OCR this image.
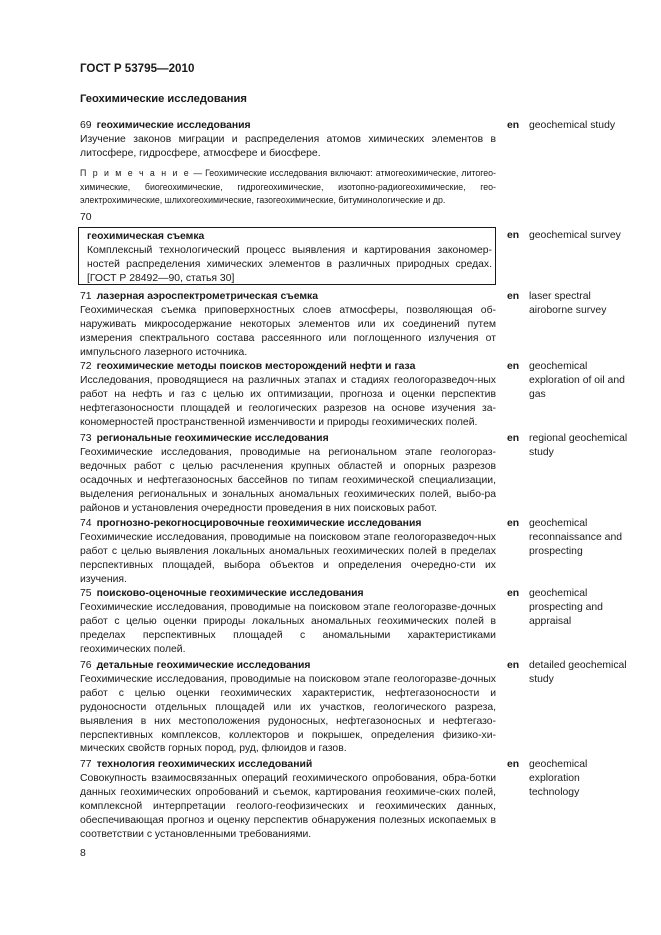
ГОСТ Р 53795—2010
Геохимические исследования
69 геохимические исследования
Изучение законов миграции и распределения атомов химических элементов в литосфере, гидросфере, атмосфере и биосфере.
П р и м е ч а н и е — Геохимические исследования включают: атмогеохимические, литогео-химические, биогеохимические, гидрогеохимические, изотопно-радиогеохимические, гео-электрохимические, шлихогеохимические, газогеохимические, битуминологические и др.
en geochemical study
70
геохимическая съемка
Комплексный технологический процесс выявления и картирования закономер-ностей распределения химических элементов в различных природных средах. [ГОСТ Р 28492—90, статья 30]
en geochemical survey
71 лазерная аэроспектрометрическая съемка
Геохимическая съемка приповерхностных слоев атмосферы, позволяющая об-наруживать микросодержание некоторых элементов или их соединений путем измерения спектрального состава рассеянного или поглощенного излучения от импульсного лазерного источника.
en laser spectral airoborne survey
72 геохимические методы поисков месторождений нефти и газа
Исследования, проводящиеся на различных этапах и стадиях геологоразведоч-ных работ на нефть и газ с целью их оптимизации, прогноза и оценки перспектив нефтегазоносности площадей и геологических разрезов на основе изучения за-кономерностей пространственной изменчивости и природы геохимических полей.
en geochemical exploration of oil and gas
73 региональные геохимические исследования
Геохимические исследования, проводимые на региональном этапе геологораз-ведочных работ с целью расчленения крупных областей и опорных разрезов осадочных и нефтегазоносных бассейнов по типам геохимической специализации, выделения региональных и зональных аномальных геохимических полей, выбо-ра районов и установления очередности проведения в них поисковых работ.
en regional geochemical study
74 прогнозно-рекогносцировочные геохимические исследования
Геохимические исследования, проводимые на поисковом этапе геологоразведоч-ных работ с целью выявления локальных аномальных геохимических полей в пределах перспективных площадей, выбора объектов и определения очередно-сти их изучения.
en geochemical reconnaissance and prospecting
75 поисково-оценочные геохимические исследования
Геохимические исследования, проводимые на поисковом этапе геологоразве-дочных работ с целью оценки природы локальных аномальных геохимических полей в пределах перспективных площадей с аномальными характеристиками геохимических полей.
en geochemical prospecting and appraisal
76 детальные геохимические исследования
Геохимические исследования, проводимые на поисковом этапе геологоразве-дочных работ с целью оценки геохимических характеристик, нефтегазоносности и рудоносности отдельных площадей или их участков, геологического разреза, выявления в них местоположения рудоносных, нефтегазоносных и нефтегазо-перспективных комплексов, коллекторов и покрышек, определения физико-хи-мических свойств горных пород, руд, флюидов и газов.
en detailed geochemical study
77 технология геохимических исследований
Совокупность взаимосвязанных операций геохимического опробования, обра-ботки данных геохимических опробований и съемок, картирования геохимиче-ских полей, комплексной интерпретации геолого-геофизических и геохимических данных, обеспечивающая прогноз и оценку перспектив обнаружения полезных ископаемых в соответствии с установленными требованиями.
en geochemical exploration technology
8
